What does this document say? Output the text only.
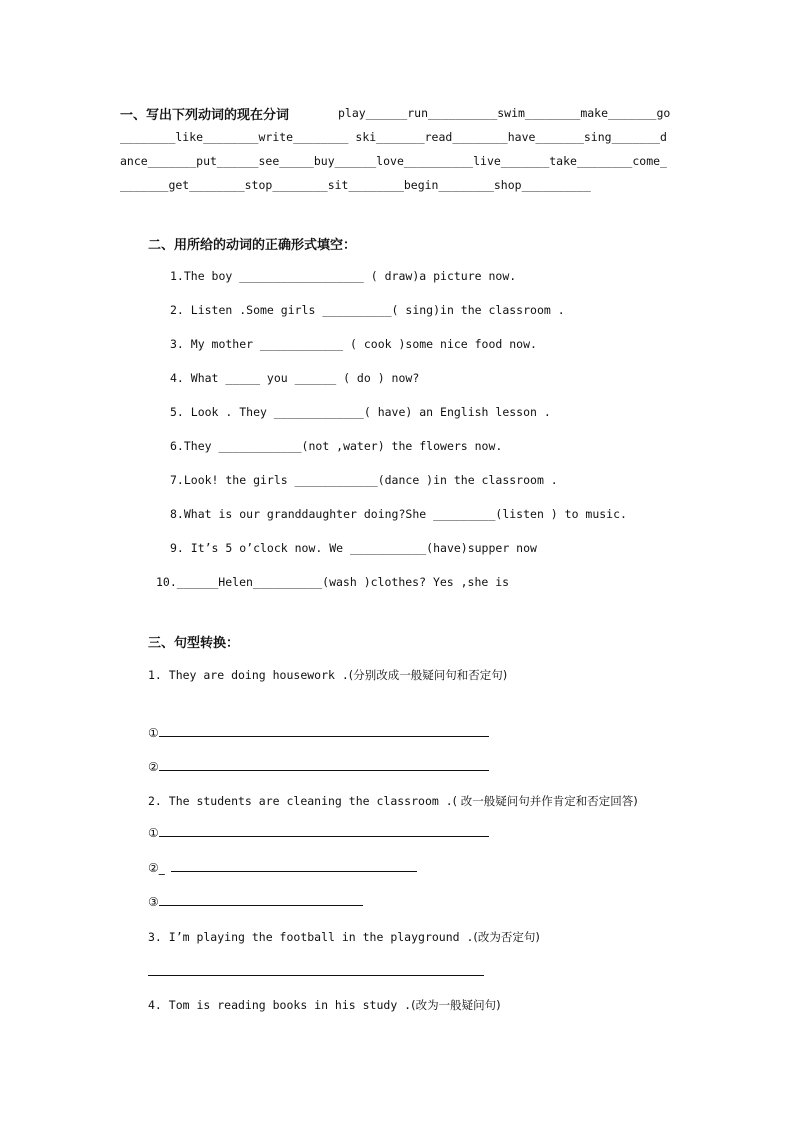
一、写出下列动词的现在分词	play______run__________swim________make_______go
________like________write________ ski_______read________have_______sing_______d
ance_______put______see_____buy______love__________live_______take________come_
_______get________stop________sit________begin________shop__________
二、用所给的动词的正确形式填空：
1.The boy __________________ ( draw)a picture now.
2. Listen .Some girls __________( sing)in the classroom .
3. My mother ____________ ( cook )some nice food now.
4. What _____ you ______ ( do ) now?
5. Look . They _____________( have) an English lesson .
6.They ____________(not ,water) the flowers now.
7.Look! the girls ____________(dance )in the classroom .
8.What is our granddaughter doing?She _________(listen ) to music.
9. It’s 5 o’clock now. We ___________(have)supper now
10.______Helen__________(wash )clothes? Yes ,she is
三、句型转换：
1. They are doing housework .(分别改成一般疑问句和否定句)
①
②
2. The students are cleaning the classroom .( 改一般疑问句并作肯定和否定回答)
①
②_
③
3. I’m playing the football in the playground .(改为否定句)
4. Tom is reading books in his study .(改为一般疑问句)
